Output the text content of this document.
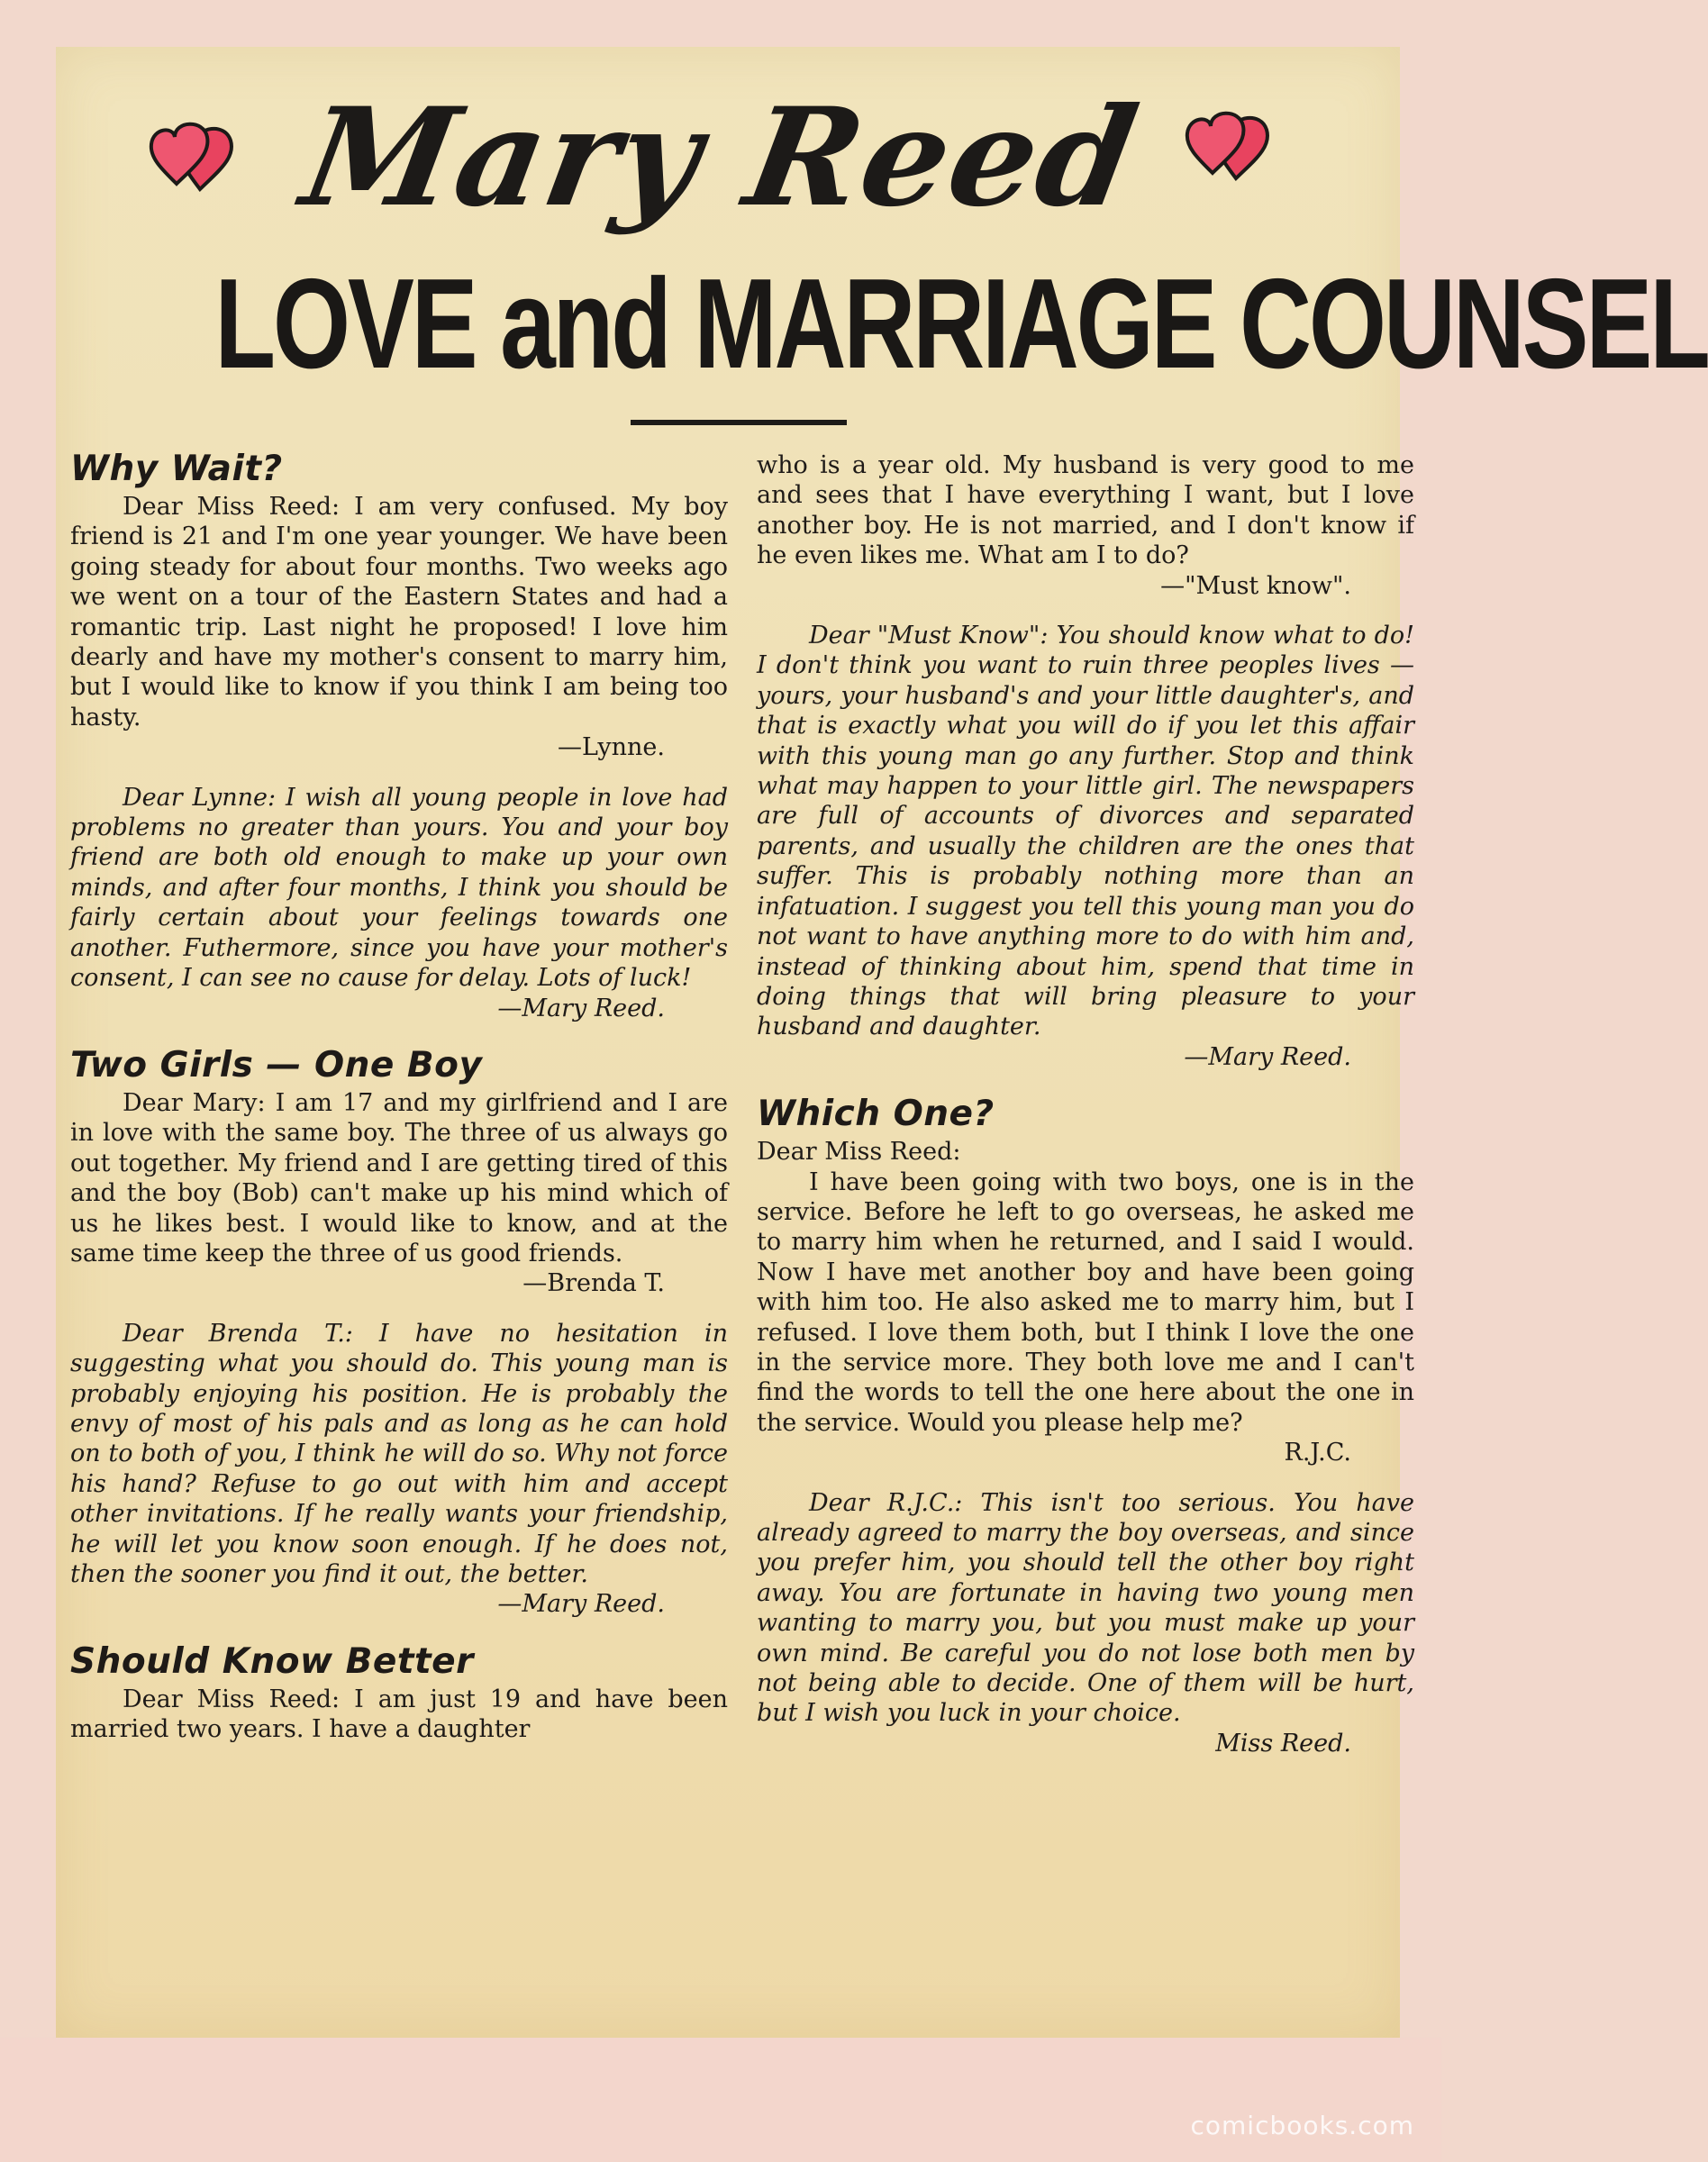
Mary Reed
LOVE and MARRIAGE COUNSEL
Why Wait?

Dear Miss Reed: I am very confused. My boy friend is 21 and I'm one year younger. We have been going steady for about four months. Two weeks ago we went on a tour of the Eastern States and had a romantic trip. Last night he proposed! I love him dearly and have my mother's consent to marry him, but I would like to know if you think I am being too hasty.

—Lynne.

Dear Lynne: I wish all young people in love had problems no greater than yours. You and your boy friend are both old enough to make up your own minds, and after four months, I think you should be fairly certain about your feelings towards one another. Futhermore, since you have your mother's consent, I can see no cause for delay. Lots of luck!

—Mary Reed.

Two Girls — One Boy

Dear Mary: I am 17 and my girlfriend and I are in love with the same boy. The three of us always go out together. My friend and I are getting tired of this and the boy (Bob) can't make up his mind which of us he likes best. I would like to know, and at the same time keep the three of us good friends.

—Brenda T.

Dear Brenda T.: I have no hesitation in suggesting what you should do. This young man is probably enjoying his position. He is probably the envy of most of his pals and as long as he can hold on to both of you, I think he will do so. Why not force his hand? Refuse to go out with him and accept other invitations. If he really wants your friendship, he will let you know soon enough. If he does not, then the sooner you find it out, the better.

—Mary Reed.

Should Know Better

Dear Miss Reed: I am just 19 and have been married two years. I have a daughter

who is a year old. My husband is very good to me and sees that I have everything I want, but I love another boy. He is not married, and I don't know if he even likes me. What am I to do?

—"Must know".

Dear "Must Know": You should know what to do! I don't think you want to ruin three peoples lives — yours, your husband's and your little daughter's, and that is exactly what you will do if you let this affair with this young man go any further. Stop and think what may happen to your little girl. The newspapers are full of accounts of divorces and separated parents, and usually the children are the ones that suffer. This is probably nothing more than an infatuation. I suggest you tell this young man you do not want to have anything more to do with him and, instead of thinking about him, spend that time in doing things that will bring pleasure to your husband and daughter.

—Mary Reed.

Which One?

Dear Miss Reed:

I have been going with two boys, one is in the service. Before he left to go overseas, he asked me to marry him when he returned, and I said I would. Now I have met another boy and have been going with him too. He also asked me to marry him, but I refused. I love them both, but I think I love the one in the service more. They both love me and I can't find the words to tell the one here about the one in the service. Would you please help me?

R.J.C.

Dear R.J.C.: This isn't too serious. You have already agreed to marry the boy overseas, and since you prefer him, you should tell the other boy right away. You are fortunate in having two young men wanting to marry you, but you must make up your own mind. Be careful you do not lose both men by not being able to decide. One of them will be hurt, but I wish you luck in your choice.

Miss Reed.

comicbooks.com
